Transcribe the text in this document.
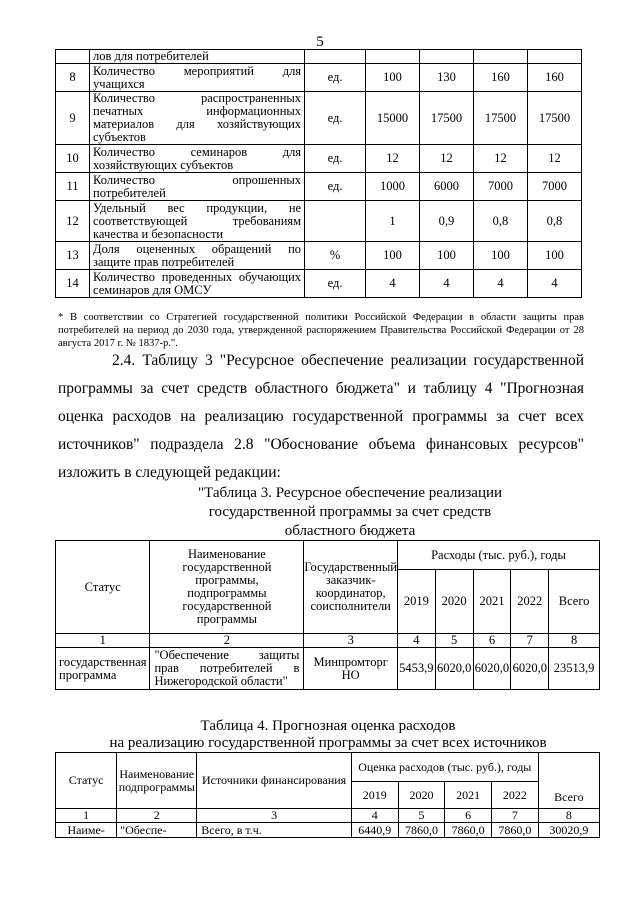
5
	лов для потребителей					
8	Количество мероприятий для учащихся	ед.	100	130	160	160
9	Количество распространенных печатных информационных материалов для хозяйствующих субъектов	ед.	15000	17500	17500	17500
10	Количество семинаров для хозяйствующих субъектов	ед.	12	12	12	12
11	Количество опрошенных потребителей	ед.	1000	6000	7000	7000
12	Удельный вес продукции, не соответствующей требованиям качества и безопасности		1	0,9	0,8	0,8
13	Доля оцененных обращений по защите прав потребителей	%	100	100	100	100
14	Количество проведенных обучающих семинаров для ОМСУ	ед.	4	4	4	4
* В соответствии со Стратегией государственной политики Российской Федерации в области защиты прав потребителей на период до 2030 года, утвержденной распоряжением Правительства Российской Федерации от 28 августа 2017 г. № 1837-р.".
2.4. Таблицу 3 "Ресурсное обеспечение реализации государственной программы за счет средств областного бюджета" и таблицу 4 "Прогнозная оценка расходов на реализацию государственной программы за счет всех источников" подраздела 2.8 "Обоснование объема финансовых ресурсов" изложить в следующей редакции:
"Таблица 3. Ресурсное обеспечение реализации
государственной программы за счет средств
областного бюджета
Статус	Наименование государственной программы, подпрограммы государственной программы	Государственный заказчик-координатор, соисполнители	Расходы (тыс. руб.), годы				
			2019	2020	2021	2022	Всего
1	2	3	4	5	6	7	8
государственная программа	"Обеспечение защиты прав потребителей в Нижегородской области"	Минпромторг НО	5453,9	6020,0	6020,0	6020,0	23513,9
Таблица 4. Прогнозная оценка расходов
на реализацию государственной программы за счет всех источников
Статус	Наименование подпрограммы	Источники финансирования	Оценка расходов (тыс. руб.), годы				Всего
			2019	2020	2021	2022	
1	2	3	4	5	6	7	8
Наиме-	"Обеспе-	Всего, в т.ч.	6440,9	7860,0	7860,0	7860,0	30020,9
